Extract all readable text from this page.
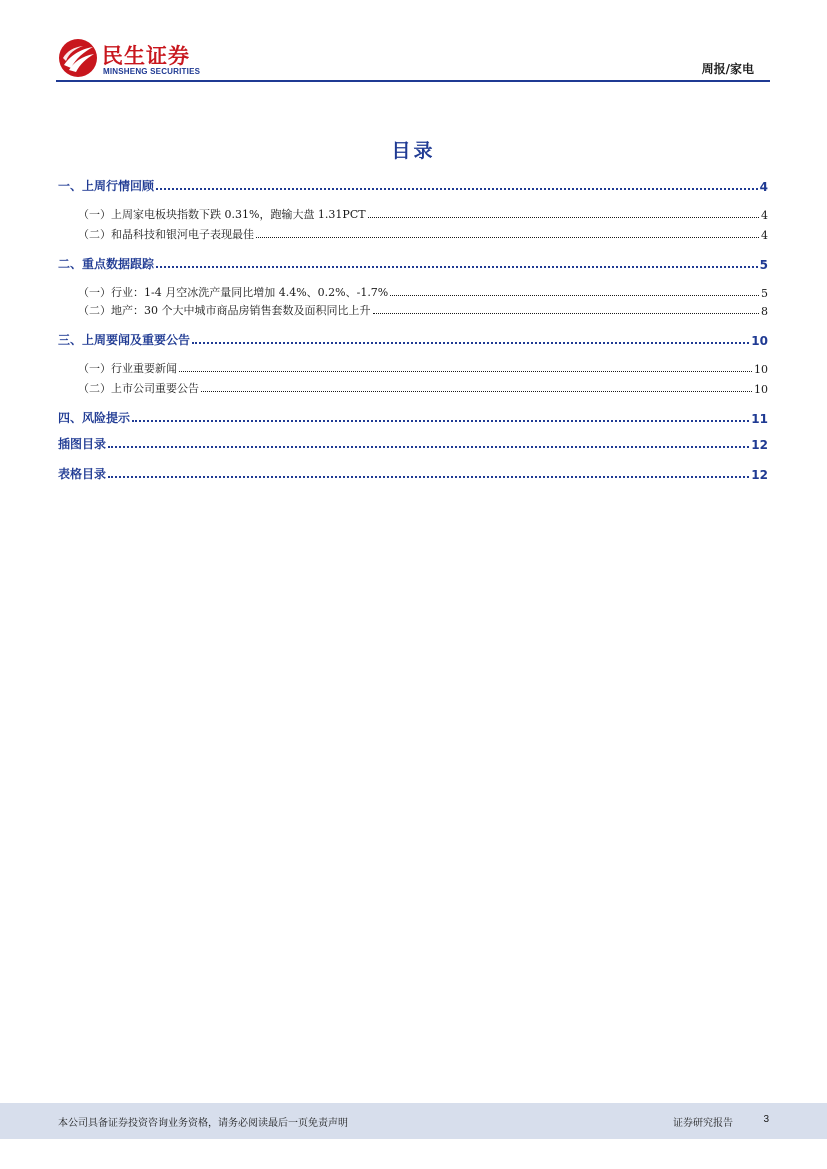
民生证券
MINSHENG SECURITIES	周报/家电
目录
一、上周行情回顾	4
（一）上周家电板块指数下跌 0.31%，跑输大盘 1.31PCT	4
（二）和晶科技和银河电子表现最佳	4
二、重点数据跟踪	5
（一）行业：1-4 月空冰洗产量同比增加 4.4%、0.2%、-1.7%	5
（二）地产：30 个大中城市商品房销售套数及面积同比上升	8
三、上周要闻及重要公告	10
（一）行业重要新闻	10
（二）上市公司重要公告	10
四、风险提示	11
插图目录	12
表格目录	12
本公司具备证券投资咨询业务资格，请务必阅读最后一页免责声明	证券研究报告	3
